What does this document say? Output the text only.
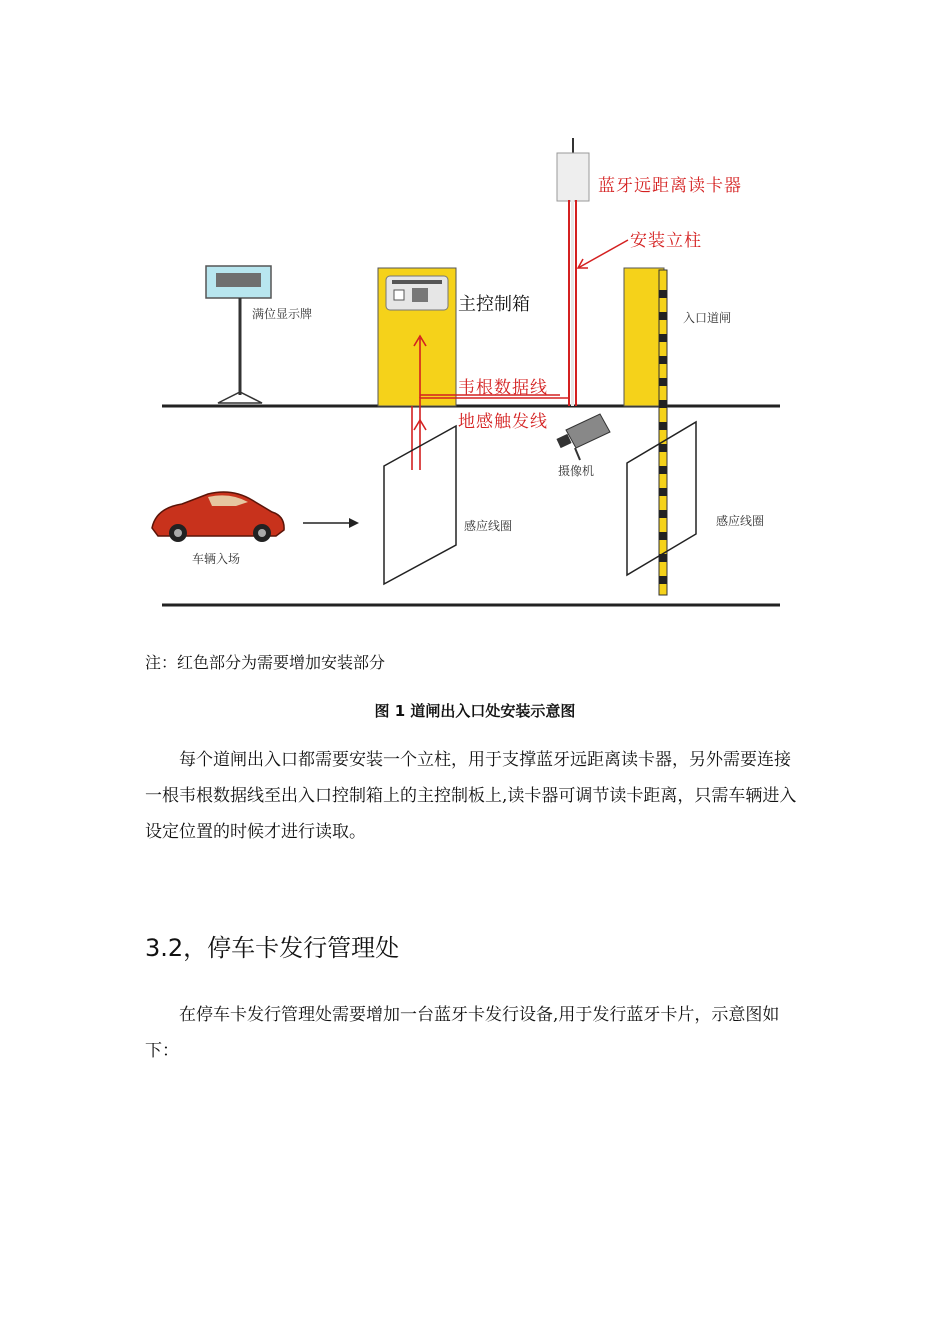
蓝牙远距离读卡器
安装立柱
主控制箱
满位显示牌	入口道闸
韦根数据线
地感触发线
摄像机
感应线圈	感应线圈
车辆入场
注：红色部分为需要增加安装部分
图 1 道闸出入口处安装示意图

每个道闸出入口都需要安装一个立柱，用于支撑蓝牙远距离读卡器，另外需要连接一根韦根数据线至出入口控制箱上的主控制板上,读卡器可调节读卡距离，只需车辆进入设定位置的时候才进行读取。

3.2，停车卡发行管理处

在停车卡发行管理处需要增加一台蓝牙卡发行设备,用于发行蓝牙卡片，示意图如下：
